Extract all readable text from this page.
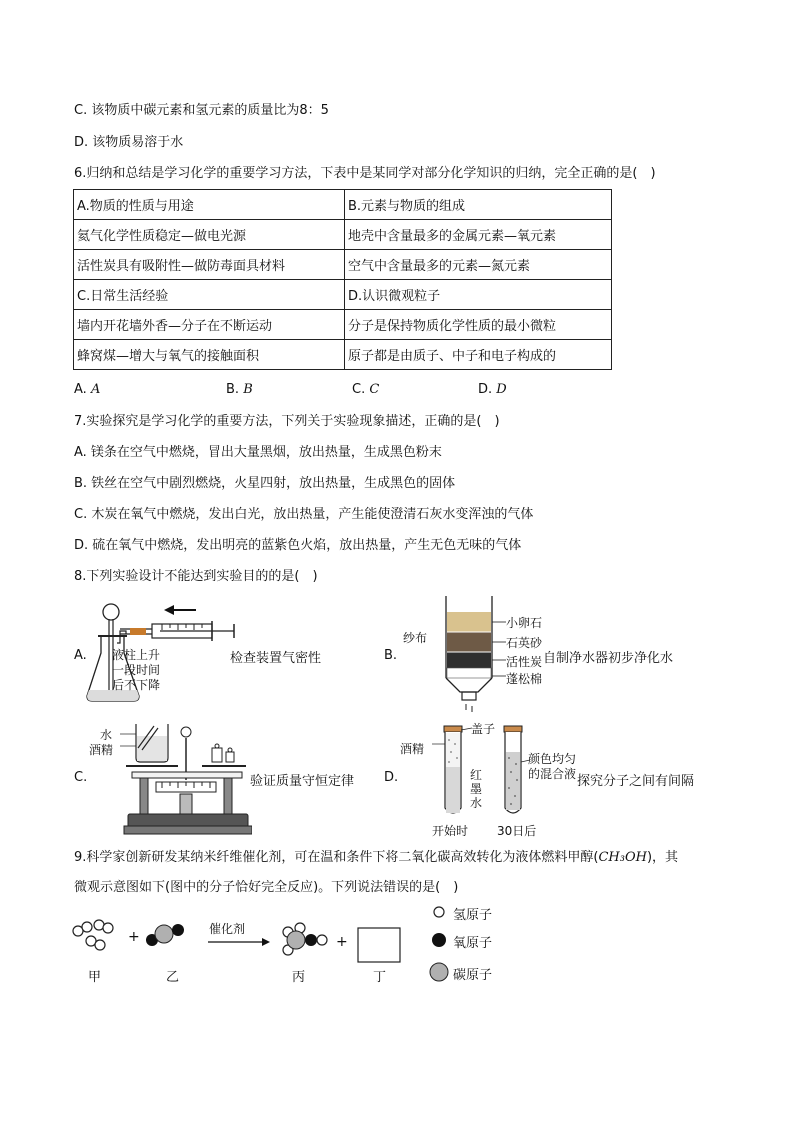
C. 该物质中碳元素和氢元素的质量比为8：5
D. 该物质易溶于水
6.归纳和总结是学习化学的重要学习方法，下表中是某同学对部分化学知识的归纳，完全正确的是(　)
A.物质的性质与用途	B.元素与物质的组成
氦气化学性质稳定—做电光源	地壳中含量最多的金属元素—氧元素
活性炭具有吸附性—做防毒面具材料	空气中含量最多的元素—氮元素
C.日常生活经验	D.认识微观粒子
墙内开花墙外香—分子在不断运动	分子是保持物质化学性质的最小微粒
蜂窝煤—增大与氧气的接触面积	原子都是由质子、中子和电子构成的
A. A	B. B	C. C	D. D
7.实验探究是学习化学的重要方法，下列关于实验现象描述，正确的是(　)
A. 镁条在空气中燃烧，冒出大量黑烟，放出热量，生成黑色粉末
B. 铁丝在空气中剧烈燃烧，火星四射，放出热量，生成黑色的固体
C. 木炭在氧气中燃烧，发出白光，放出热量，产生能使澄清石灰水变浑浊的气体
D. 硫在氧气中燃烧，发出明亮的蓝紫色火焰，放出热量，产生无色无味的气体
8.下列实验设计不能达到实验目的的是(　)
A. 液柱上升
一段时间
后不下降
检查装置气密性	B.
纱布
小卵石
石英砂
活性炭
蓬松棉
自制净水器初步净化水
C.
水
酒精
验证质量守恒定律 D.
酒精
盖子
红
墨
水
颜色均匀
的混合液 探究分子之间有间隔
开始时 30日后
9.科学家创新研发某纳米纤维催化剂，可在温和条件下将二氧化碳高效转化为液体燃料甲醇(CH₃OH)，其
微观示意图如下(图中的分子恰好完全反应)。下列说法错误的是(　)
+	+
催化剂
甲	乙	丙	丁
氢原子
氧原子
碳原子
